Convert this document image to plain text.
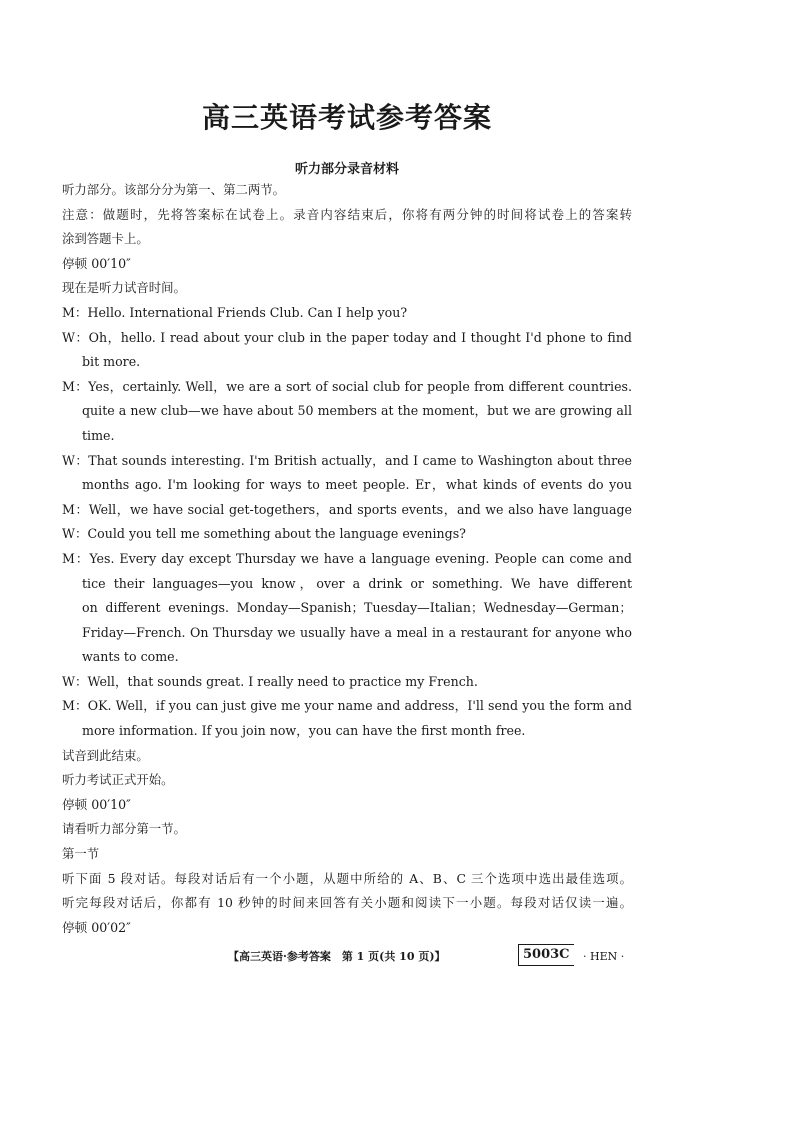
高三英语考试参考答案
听力部分录音材料
听力部分。该部分分为第一、第二两节。
注意：做题时，先将答案标在试卷上。录音内容结束后，你将有两分钟的时间将试卷上的答案转
涂到答题卡上。
停顿 00′10″
现在是听力试音时间。
M：Hello. International Friends Club. Can I help you?
W：Oh，hello. I read about your club in the paper today and I thought I'd phone to find
bit more.
M：Yes，certainly. Well，we are a sort of social club for people from different countries.
quite a new club—we have about 50 members at the moment，but we are growing all
time.
W：That sounds interesting. I'm British actually，and I came to Washington about three
months ago. I'm looking for ways to meet people. Er，what kinds of events do you
M：Well，we have social get-togethers，and sports events，and we also have language
W：Could you tell me something about the language evenings?
M：Yes. Every day except Thursday we have a language evening. People can come and
tice their languages—you know，over a drink or something. We have different
on different evenings. Monday—Spanish；Tuesday—Italian；Wednesday—German；
Friday—French. On Thursday we usually have a meal in a restaurant for anyone who
wants to come.
W：Well，that sounds great. I really need to practice my French.
M：OK. Well，if you can just give me your name and address，I'll send you the form and
more information. If you join now，you can have the first month free.
试音到此结束。
听力考试正式开始。
停顿 00′10″
请看听力部分第一节。
第一节
听下面 5 段对话。每段对话后有一个小题，从题中所给的 A、B、C 三个选项中选出最佳选项。
听完每段对话后，你都有 10 秒钟的时间来回答有关小题和阅读下一小题。每段对话仅读一遍。
停顿 00′02″
【高三英语·参考答案　第 1 页(共 10 页)】	5003C	· HEN ·
